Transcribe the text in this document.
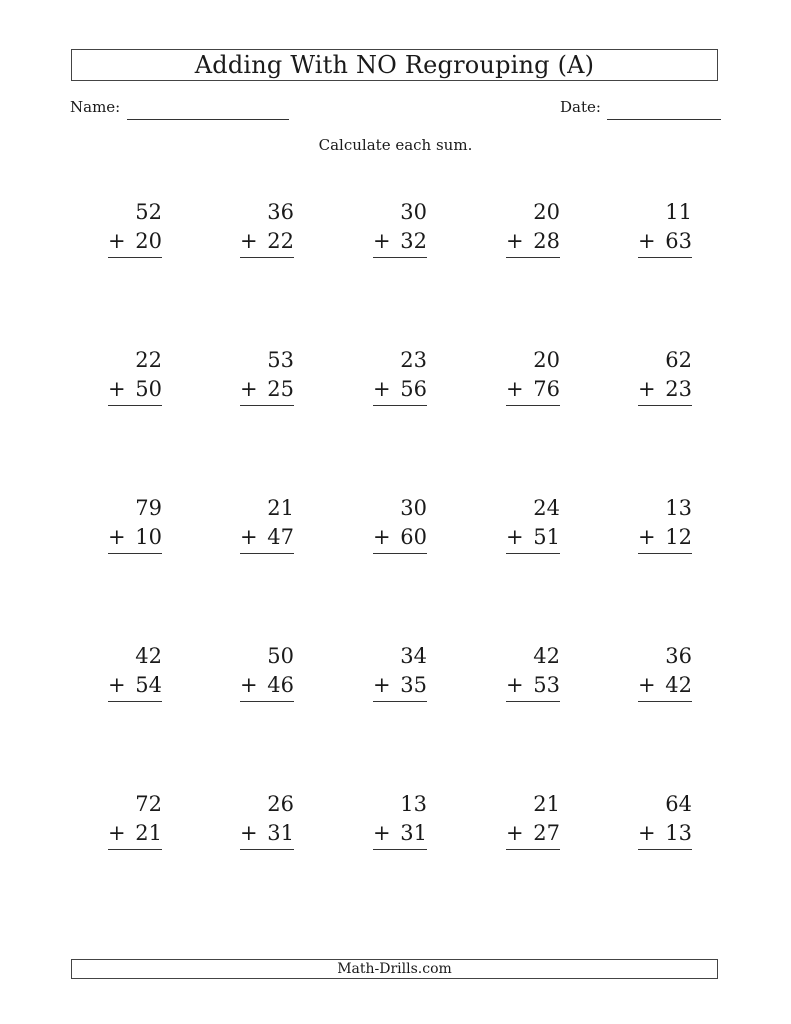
Adding With NO Regrouping (A)
Name:	Date:
Calculate each sum.
52
+ 20
36
+ 22
30
+ 32
20
+ 28
11
+ 63
22
+ 50
53
+ 25
23
+ 56
20
+ 76
62
+ 23
79
+ 10
21
+ 47
30
+ 60
24
+ 51
13
+ 12
42
+ 54
50
+ 46
34
+ 35
42
+ 53
36
+ 42
72
+ 21
26
+ 31
13
+ 31
21
+ 27
64
+ 13
Math-Drills.com
